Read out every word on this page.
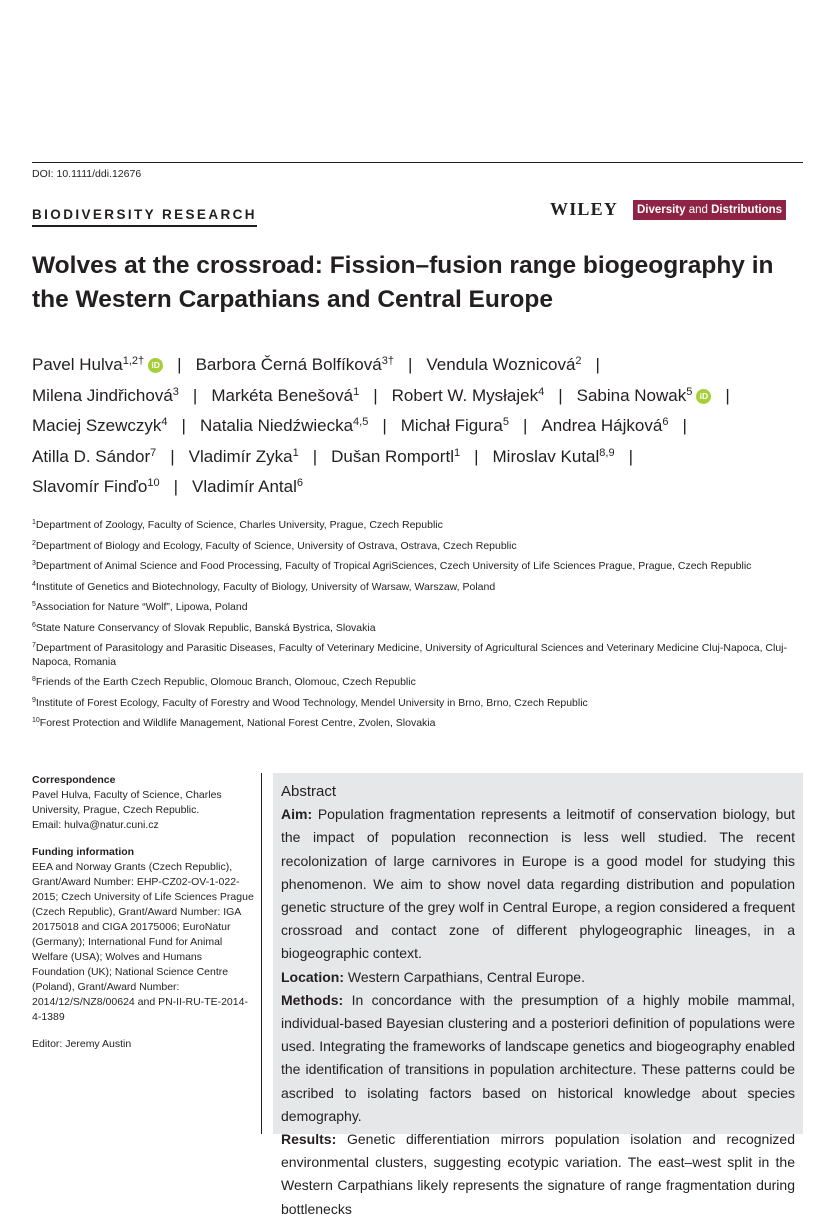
DOI: 10.1111/ddi.12676
BIODIVERSITY RESEARCH	WILEY	Diversity and Distributions
Wolves at the crossroad: Fission–fusion range biogeography in
the Western Carpathians and Central Europe
Pavel Hulva$^{1,2\dagger}$ iD | Barbora Černá Bolfíková$^{3\dagger}$ | Vendula Woznicová$^2$ |
Milena Jindřichová$^3$ | Markéta Benešová$^1$ | Robert W. Mysłajek$^4$ | Sabina Nowak$^5$ iD |
Maciej Szewczyk$^4$ | Natalia Niedźwiecka$^{4,5}$ | Michał Figura$^5$ | Andrea Hájková$^6$ |
Atilla D. Sándor$^7$ | Vladimír Zyka$^1$ | Dušan Romportl$^1$ | Miroslav Kutal$^{8,9}$ |
Slavomír Finďo$^{10}$ | Vladimír Antal$^6$
$^1$Department of Zoology, Faculty of Science, Charles University, Prague, Czech Republic
$^2$Department of Biology and Ecology, Faculty of Science, University of Ostrava, Ostrava, Czech Republic
$^3$Department of Animal Science and Food Processing, Faculty of Tropical AgriSciences, Czech University of Life Sciences Prague, Prague, Czech Republic
$^4$Institute of Genetics and Biotechnology, Faculty of Biology, University of Warsaw, Warszaw, Poland
$^5$Association for Nature “Wolf”, Lipowa, Poland
$^6$State Nature Conservancy of Slovak Republic, Banská Bystrica, Slovakia
$^7$Department of Parasitology and Parasitic Diseases, Faculty of Veterinary Medicine, University of Agricultural Sciences and Veterinary Medicine Cluj-Napoca, Cluj-Napoca, Romania
$^8$Friends of the Earth Czech Republic, Olomouc Branch, Olomouc, Czech Republic
$^9$Institute of Forest Ecology, Faculty of Forestry and Wood Technology, Mendel University in Brno, Brno, Czech Republic
$^{10}$Forest Protection and Wildlife Management, National Forest Centre, Zvolen, Slovakia
Correspondence
Pavel Hulva, Faculty of Science, Charles University, Prague, Czech Republic.
Email: hulva@natur.cuni.cz
Funding information
EEA and Norway Grants (Czech Republic), Grant/Award Number: EHP-CZ02-OV-1-022-2015; Czech University of Life Sciences Prague (Czech Republic), Grant/Award Number: IGA 20175018 and CIGA 20175006; EuroNatur (Germany); International Fund for Animal Welfare (USA); Wolves and Humans Foundation (UK); National Science Centre (Poland), Grant/Award Number: 2014/12/S/NZ8/00624 and PN-II-RU-TE-2014-4-1389
Editor: Jeremy Austin
Abstract

Aim: Population fragmentation represents a leitmotif of conservation biology, but the impact of population reconnection is less well studied. The recent recolonization of large carnivores in Europe is a good model for studying this phenomenon. We aim to show novel data regarding distribution and population genetic structure of the grey wolf in Central Europe, a region considered a frequent crossroad and contact zone of different phylogeographic lineages, in a biogeographic context.

Location: Western Carpathians, Central Europe.

Methods: In concordance with the presumption of a highly mobile mammal, individual-based Bayesian clustering and a posteriori definition of populations were used. Integrating the frameworks of landscape genetics and biogeography enabled the identification of transitions in population architecture. These patterns could be ascribed to isolating factors based on historical knowledge about species demography.

Results: Genetic differentiation mirrors population isolation and recognized environmental clusters, suggesting ecotypic variation. The east–west split in the Western Carpathians likely represents the signature of range fragmentation during bottlenecks
